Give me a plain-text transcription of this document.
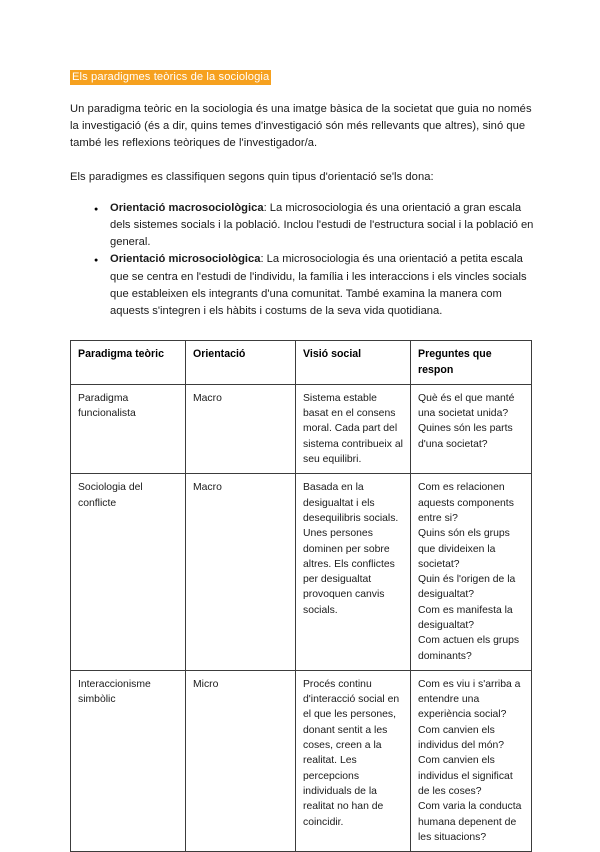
Els paradigmes teòrics de la sociologia

Un paradigma teòric en la sociologia és una imatge bàsica de la societat que guia no només la investigació (és a dir, quins temes d'investigació són més rellevants que altres), sinó que també les reflexions teòriques de l'investigador/a.

Els paradigmes es classifiquen segons quin tipus d'orientació se'ls dona:

● Orientació macrosociològica: La microsociologia és una orientació a gran escala dels sistemes socials i la població. Inclou l'estudi de l'estructura social i la població en general.
● Orientació microsociològica: La microsociologia és una orientació a petita escala que se centra en l'estudi de l'individu, la família i les interaccions i els vincles socials que estableixen els integrants d'una comunitat. També examina la manera com aquests s'integren i els hàbits i costums de la seva vida quotidiana.
Paradigma teòric	Orientació	Visió social	Preguntes que respon
Paradigma funcionalista	Macro	Sistema estable basat en el consens moral. Cada part del sistema contribueix al seu equilibri.	Què és el que manté una societat unida?
Quines són les parts d'una societat?

Sociologia del conflicte	Macro	Basada en la desigualtat i els desequilibris socials. Unes persones dominen per sobre altres. Els conflictes per desigualtat provoquen canvis socials.	Com es relacionen aquests components entre si?
Quins són els grups que divideixen la societat?
Quin és l'origen de la desigualtat?
Com es manifesta la desigualtat?
Com actuen els grups dominants?

Interaccionisme simbòlic	Micro	Procés continu d'interacció social en el que les persones, donant sentit a les coses, creen a la realitat. Les percepcions individuals de la realitat no han de coincidir.	Com es viu i s'arriba a entendre una experiència social?
Com canvien els individus del món?
Com canvien els individus el significat de les coses?
Com varia la conducta humana depenent de les situacions?
